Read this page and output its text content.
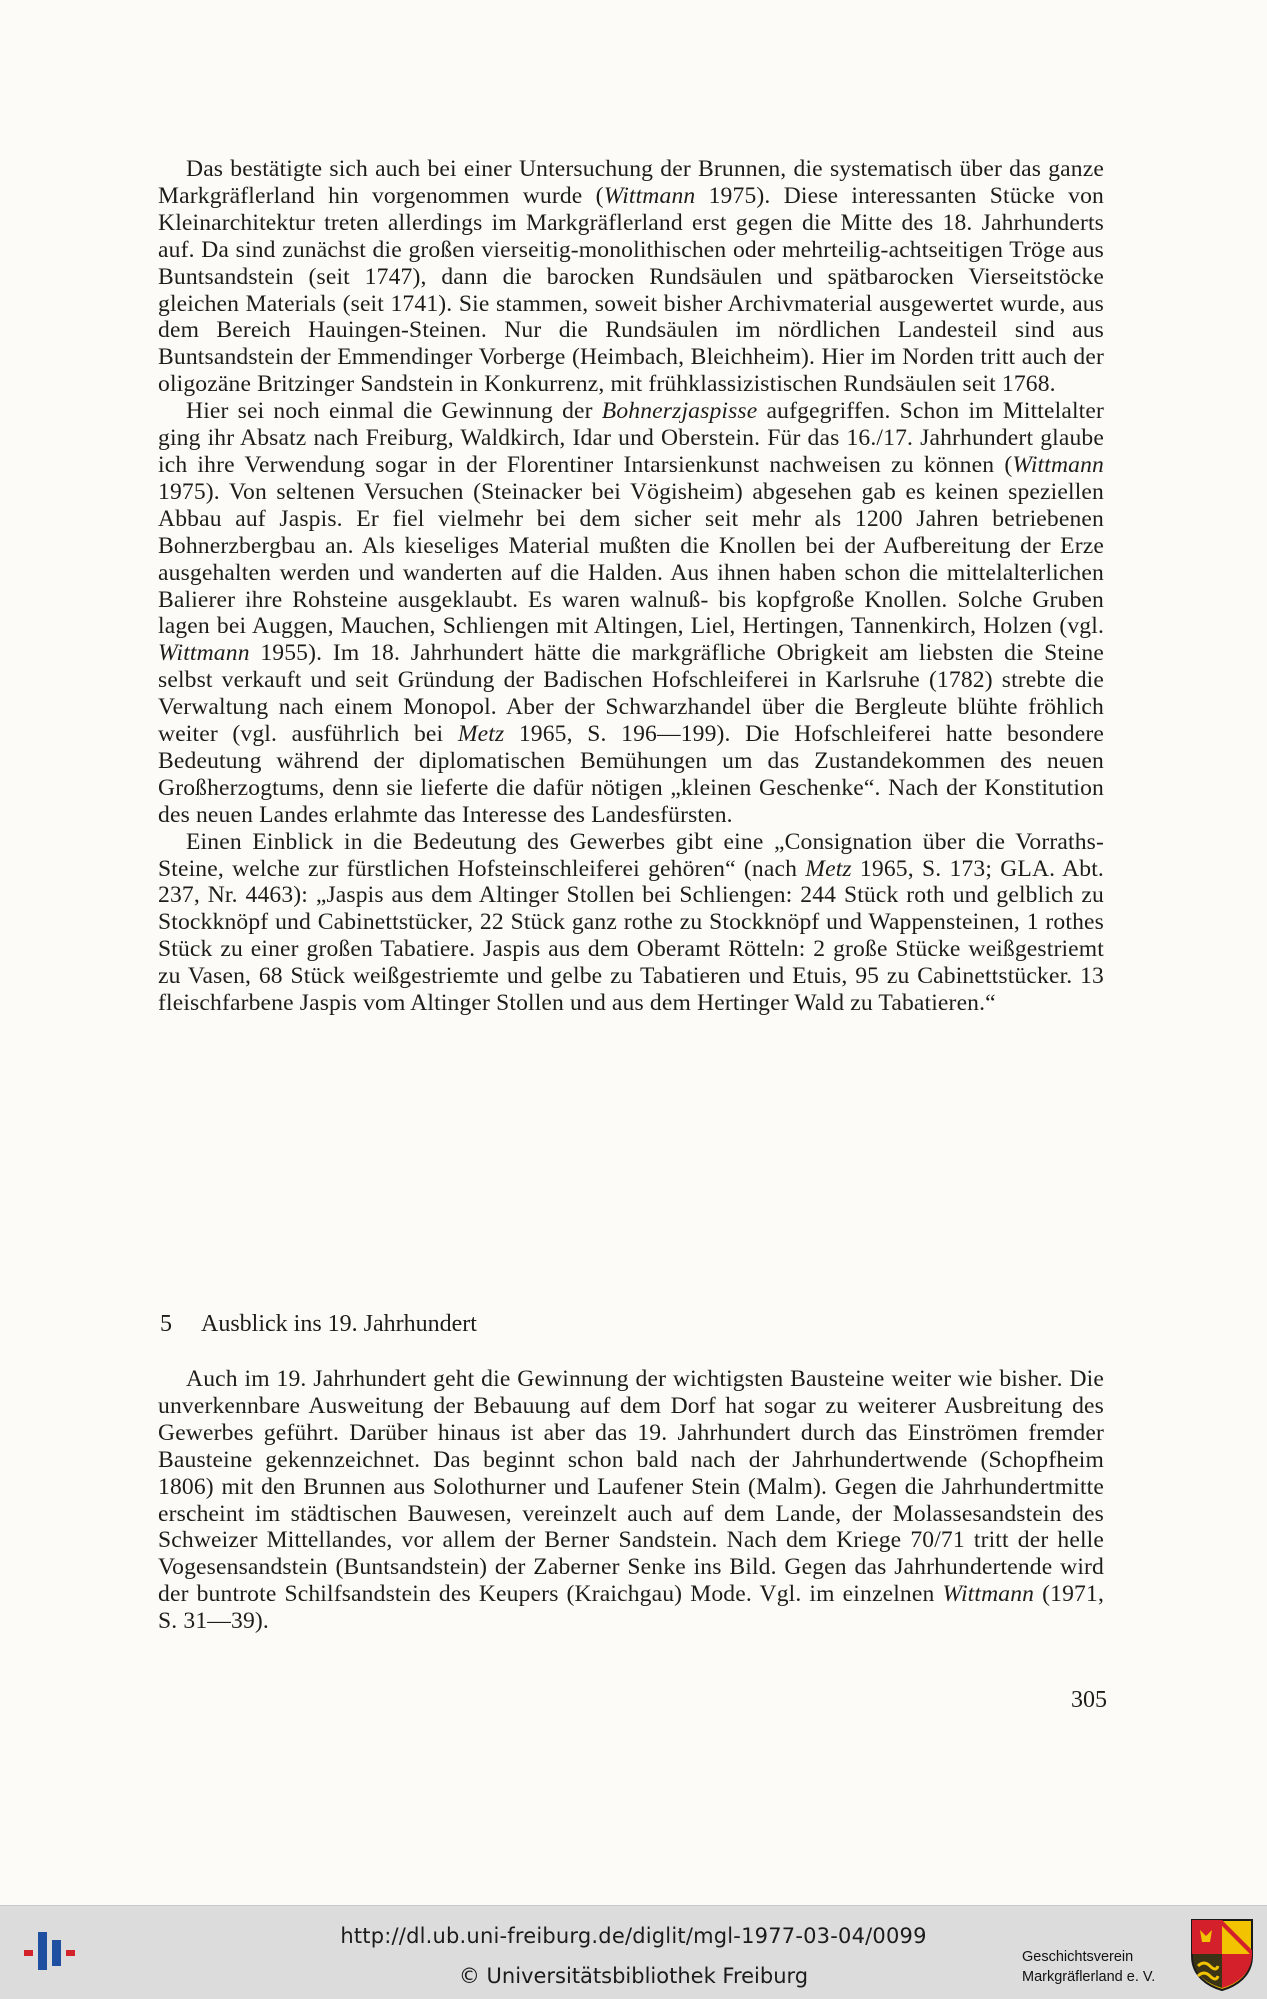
Das bestätigte sich auch bei einer Untersuchung der Brunnen, die systematisch über das ganze Markgräflerland hin vorgenommen wurde (Wittmann 1975). Diese interessanten Stücke von Kleinarchitektur treten allerdings im Markgräflerland erst gegen die Mitte des 18. Jahrhunderts auf. Da sind zunächst die großen vierseitig-monolithischen oder mehrteilig-achtseitigen Tröge aus Buntsandstein (seit 1747), dann die barocken Rundsäulen und spätbarocken Vierseitstöcke gleichen Materials (seit 1741). Sie stammen, soweit bisher Archivmaterial ausgewertet wurde, aus dem Bereich Hauingen-Steinen. Nur die Rundsäulen im nördlichen Landesteil sind aus Buntsandstein der Emmendinger Vorberge (Heimbach, Bleichheim). Hier im Norden tritt auch der oligozäne Britzinger Sandstein in Konkurrenz, mit frühklassizistischen Rundsäulen seit 1768.

Hier sei noch einmal die Gewinnung der Bohnerzjaspisse aufgegriffen. Schon im Mittelalter ging ihr Absatz nach Freiburg, Waldkirch, Idar und Oberstein. Für das 16./17. Jahrhundert glaube ich ihre Verwendung sogar in der Florentiner Intarsienkunst nachweisen zu können (Wittmann 1975). Von seltenen Versuchen (Steinacker bei Vögisheim) abgesehen gab es keinen speziellen Abbau auf Jaspis. Er fiel vielmehr bei dem sicher seit mehr als 1200 Jahren betriebenen Bohnerzbergbau an. Als kieseliges Material mußten die Knollen bei der Aufbereitung der Erze ausgehalten werden und wanderten auf die Halden. Aus ihnen haben schon die mittelalterlichen Balierer ihre Rohsteine ausgeklaubt. Es waren walnuß- bis kopfgroße Knollen. Solche Gruben lagen bei Auggen, Mauchen, Schliengen mit Altingen, Liel, Hertingen, Tannenkirch, Holzen (vgl. Wittmann 1955). Im 18. Jahrhundert hätte die markgräfliche Obrigkeit am liebsten die Steine selbst verkauft und seit Gründung der Badischen Hofschleiferei in Karlsruhe (1782) strebte die Verwaltung nach einem Monopol. Aber der Schwarzhandel über die Bergleute blühte fröhlich weiter (vgl. ausführlich bei Metz 1965, S. 196—199). Die Hofschleiferei hatte besondere Bedeutung während der diplomatischen Bemühungen um das Zustandekommen des neuen Großherzogtums, denn sie lieferte die dafür nötigen „kleinen Geschenke“. Nach der Konstitution des neuen Landes erlahmte das Interesse des Landesfürsten.

Einen Einblick in die Bedeutung des Gewerbes gibt eine „Consignation über die Vorraths-Steine, welche zur fürstlichen Hofsteinschleiferei gehören“ (nach Metz 1965, S. 173; GLA. Abt. 237, Nr. 4463): „Jaspis aus dem Altinger Stollen bei Schliengen: 244 Stück roth und gelblich zu Stockknöpf und Cabinettstücker, 22 Stück ganz rothe zu Stockknöpf und Wappensteinen, 1 rothes Stück zu einer großen Tabatiere. Jaspis aus dem Oberamt Rötteln: 2 große Stücke weißgestriemt zu Vasen, 68 Stück weißgestriemte und gelbe zu Tabatieren und Etuis, 95 zu Cabinettstücker. 13 fleischfarbene Jaspis vom Altinger Stollen und aus dem Hertinger Wald zu Tabatieren.“

5 Ausblick ins 19. Jahrhundert

Auch im 19. Jahrhundert geht die Gewinnung der wichtigsten Bausteine weiter wie bisher. Die unverkennbare Ausweitung der Bebauung auf dem Dorf hat sogar zu weiterer Ausbreitung des Gewerbes geführt. Darüber hinaus ist aber das 19. Jahrhundert durch das Einströmen fremder Bausteine gekennzeichnet. Das beginnt schon bald nach der Jahrhundertwende (Schopfheim 1806) mit den Brunnen aus Solothurner und Laufener Stein (Malm). Gegen die Jahrhundertmitte erscheint im städtischen Bauwesen, vereinzelt auch auf dem Lande, der Molassesandstein des Schweizer Mittellandes, vor allem der Berner Sandstein. Nach dem Kriege 70/71 tritt der helle Vogesensandstein (Buntsandstein) der Zaberner Senke ins Bild. Gegen das Jahrhundertende wird der buntrote Schilfsandstein des Keupers (Kraichgau) Mode. Vgl. im einzelnen Wittmann (1971, S. 31—39).

305
http://dl.ub.uni-freiburg.de/diglit/mgl-1977-03-04/0099
© Universitätsbibliothek Freiburg
Geschichtsverein
Markgräflerland e. V.
